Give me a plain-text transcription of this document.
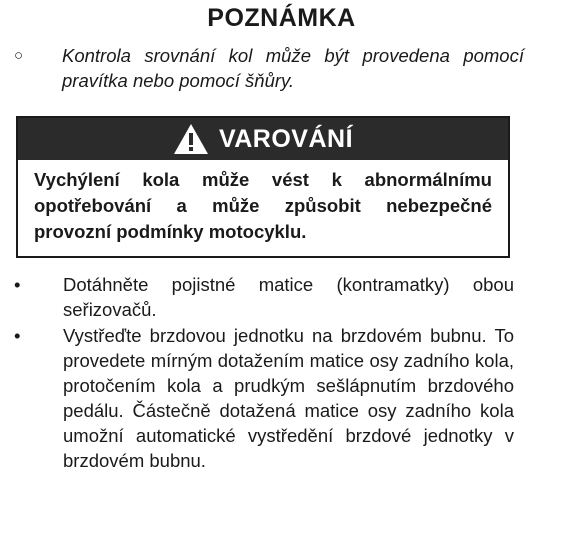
POZNÁMKA
○ Kontrola srovnání kol může být provedena pomocí pravítka nebo pomocí šňůry.
VAROVÁNÍ
Vychýlení kola může vést k abnormálnímu opotřebování a může způsobit nebezpečné provozní podmínky motocyklu.
• Dotáhněte pojistné matice (kontramatky) obou seřizovačů.
• Vystřeďte brzdovou jednotku na brzdovém bubnu. To provedete mírným dotažením matice osy zadního kola, protočením kola a prudkým sešlápnutím brzdového pedálu. Částečně dotažená matice osy zadního kola umožní automatické vystředění brzdové jednotky v brzdovém bubnu.
